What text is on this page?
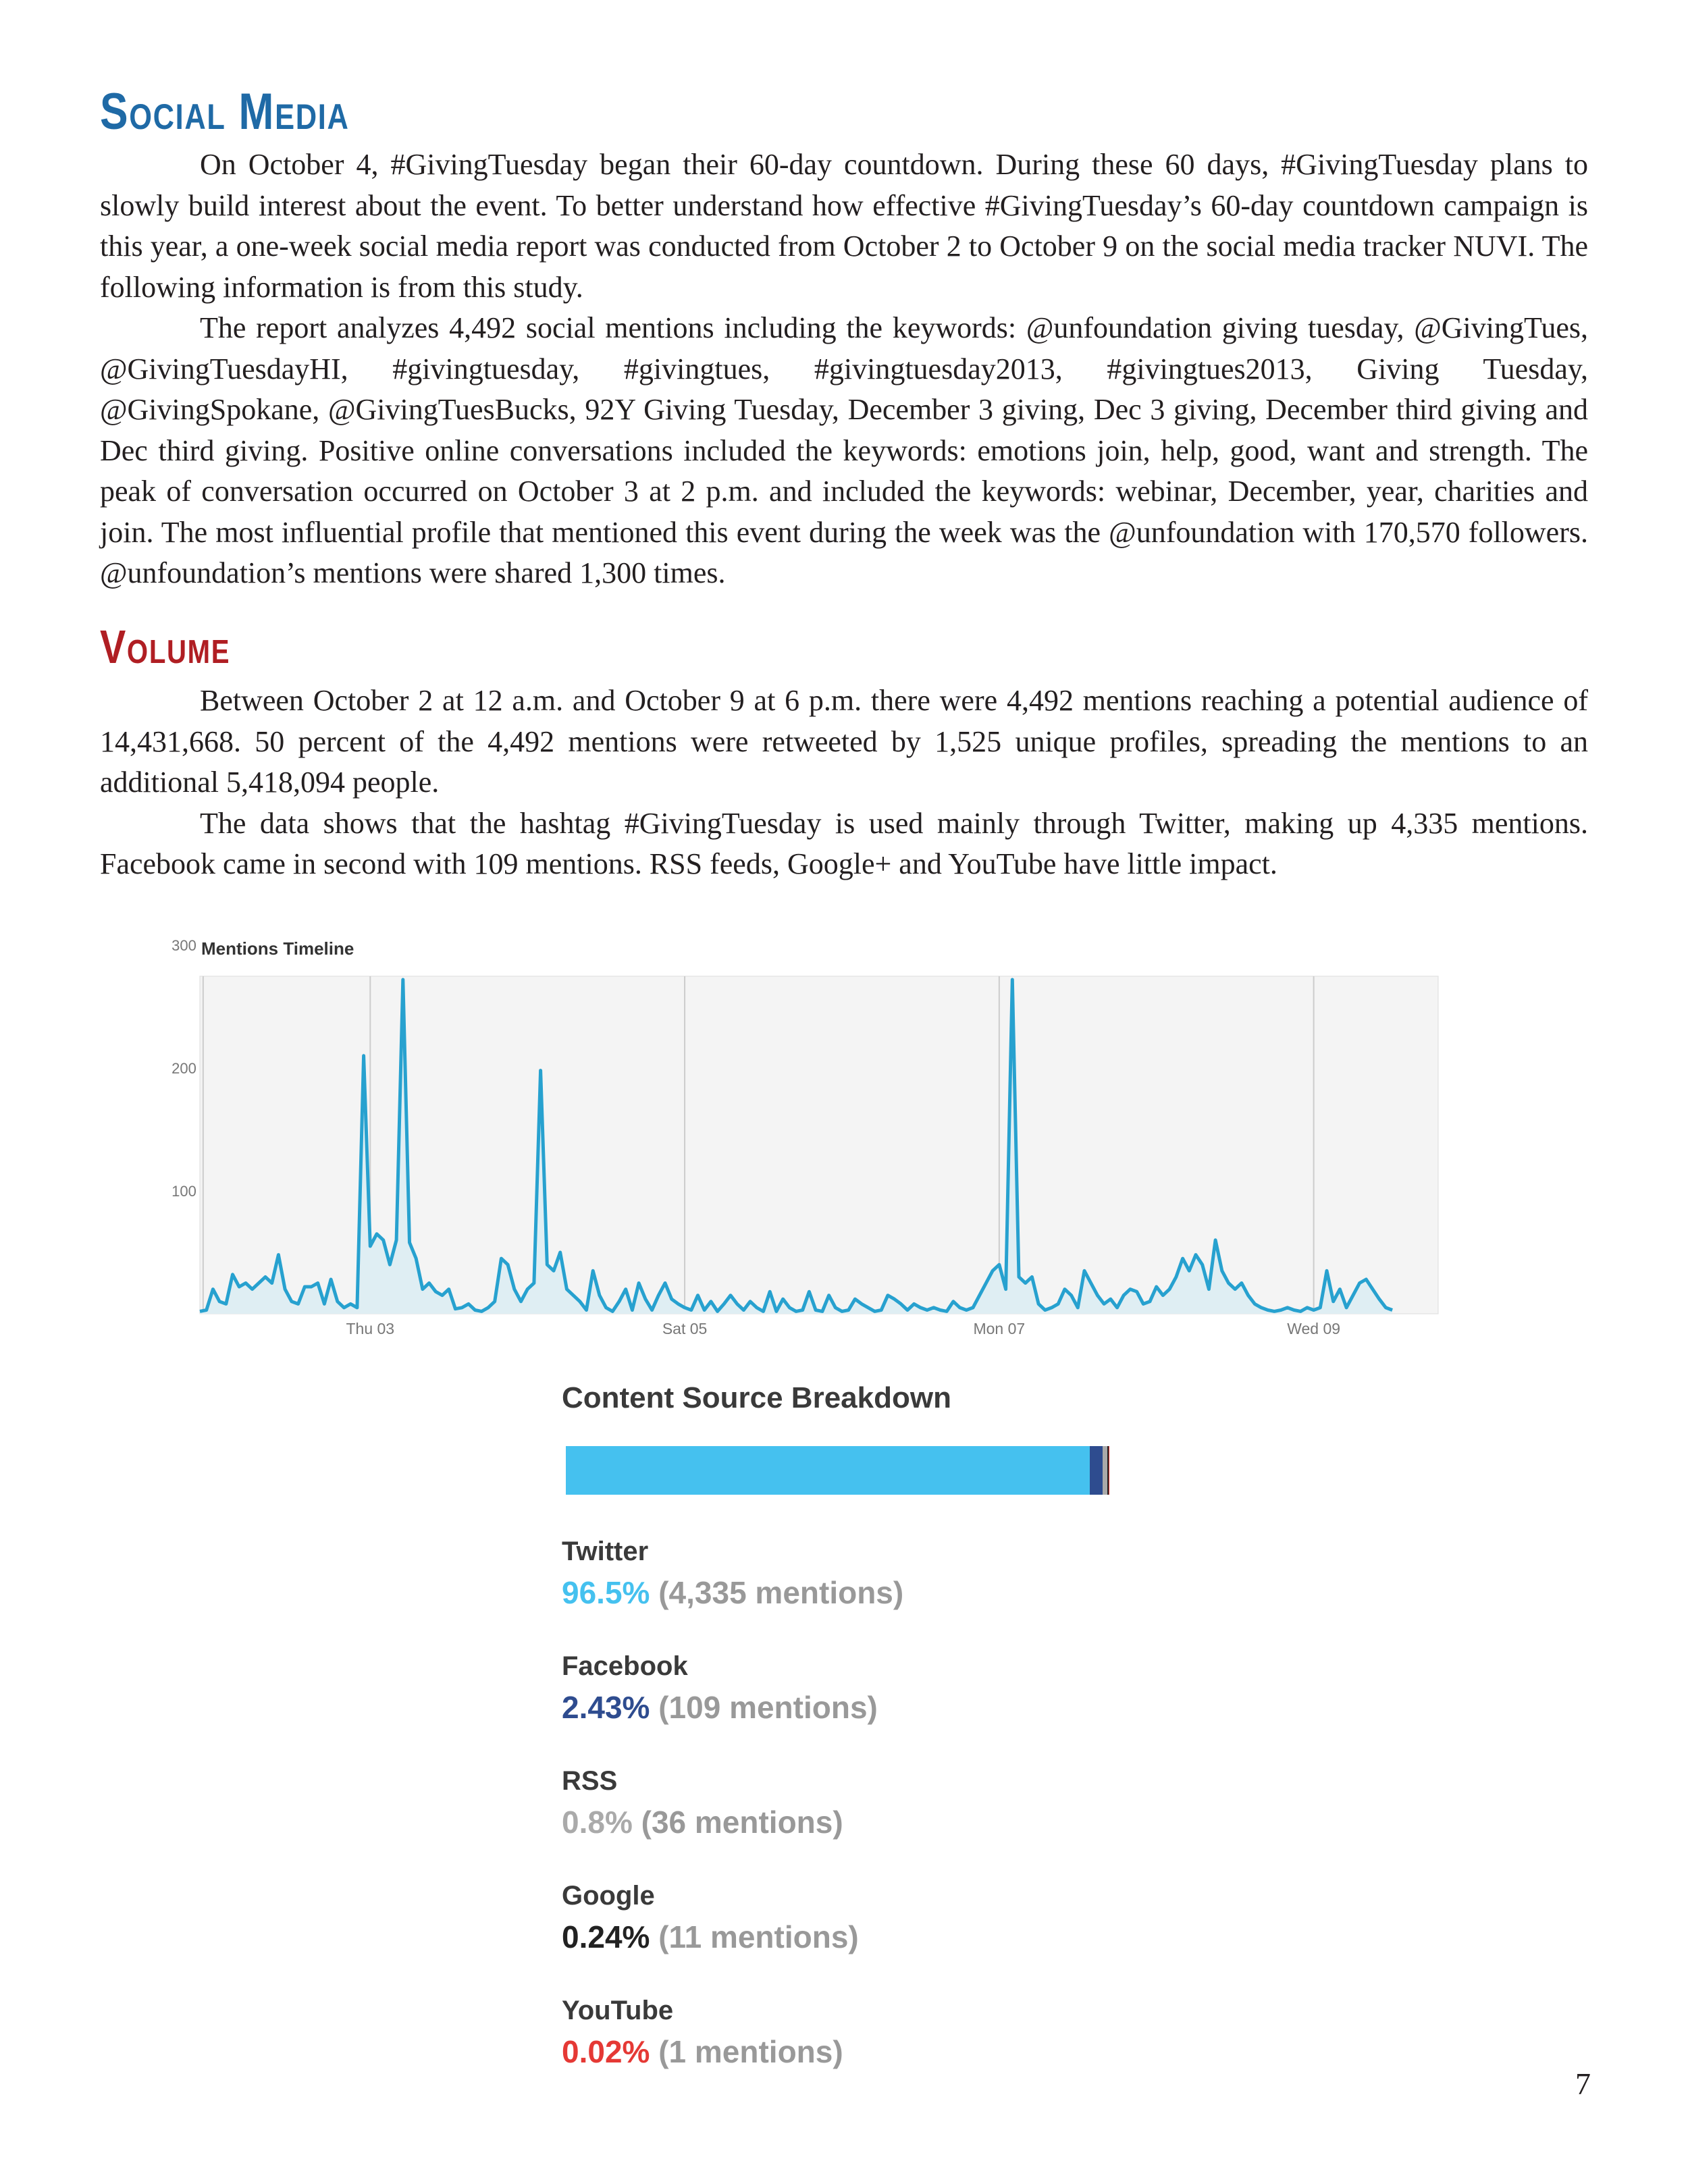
Social Media

On October 4, #GivingTuesday began their 60-day countdown. During these 60 days, #GivingTuesday plans to slowly build interest about the event. To better understand how effective #GivingTuesday’s 60-day countdown campaign is this year, a one-week social media report was conducted from October 2 to October 9 on the social media tracker NUVI. The following information is from this study.

The report analyzes 4,492 social mentions including the keywords: @unfoundation giving tuesday, @GivingTues, @GivingTuesdayHI, #givingtuesday, #givingtues, #givingtuesday2013, #givingtues2013, Giving Tuesday, @GivingSpokane, @GivingTuesBucks, 92Y Giving Tuesday, December 3 giving, Dec 3 giving, December third giving and Dec third giving. Positive online conversations included the keywords: emotions join, help, good, want and strength. The peak of conversation occurred on October 3 at 2 p.m. and included the keywords: webinar, December, year, charities and join. The most influential profile that mentioned this event during the week was the @unfoundation with 170,570 followers. @unfoundation’s mentions were shared 1,300 times.

Volume

Between October 2 at 12 a.m. and October 9 at 6 p.m. there were 4,492 mentions reaching a potential audience of 14,431,668. 50 percent of the 4,492 mentions were retweeted by 1,525 unique profiles, spreading the mentions to an additional 5,418,094 people.

The data shows that the hashtag #GivingTuesday is used mainly through Twitter, making up 4,335 mentions. Facebook came in second with 109 mentions. RSS feeds, Google+ and YouTube have little impact.

Mentions Timeline
100
200
300
Thu 03	Sat 05	Mon 07	Wed 09
Content Source Breakdown
Twitter
96.5% (4,335 mentions)
Facebook
2.43% (109 mentions)
RSS
0.8% (36 mentions)
Google
0.24% (11 mentions)
YouTube
0.02% (1 mentions)
7
